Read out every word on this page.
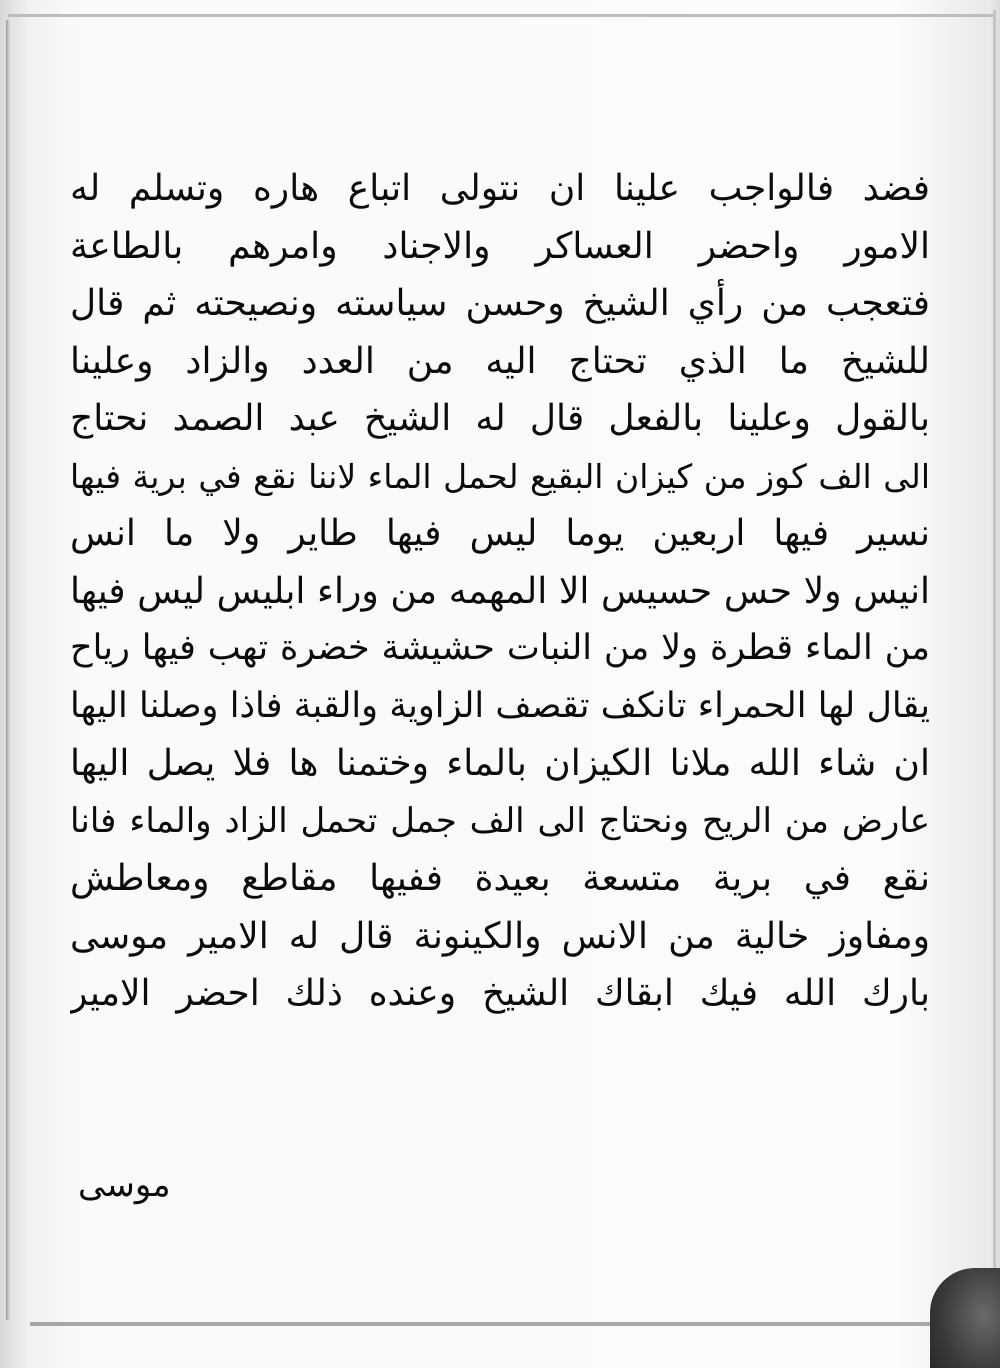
فضد فالواجب علينا ان نتولى اتباع هاره وتسلم له
الامور واحضر العساكر والاجناد وامرهم بالطاعة
فتعجب من رأي الشيخ وحسن سياسته ونصيحته ثم قال
للشيخ ما الذي تحتاج اليه من العدد والزاد وعلينا
بالقول وعلينا بالفعل قال له الشيخ عبد الصمد نحتاج
الى الف كوز من كيزان البقيع لحمل الماء لاننا نقع في برية فيها
نسير فيها اربعين يوما ليس فيها طاير ولا ما انس
انيس ولا حس حسيس الا المهمه من وراء ابليس ليس فيها
من الماء قطرة ولا من النبات حشيشة خضرة تهب فيها رياح
يقال لها الحمراء تانكف تقصف الزاوية والقبة فاذا وصلنا اليها
ان شاء الله ملانا الكيزان بالماء وختمنا ها فلا يصل اليها
عارض من الريح ونحتاج الى الف جمل تحمل الزاد والماء فانا
نقع في برية متسعة بعيدة ففيها مقاطع ومعاطش
ومفاوز خالية من الانس والكينونة قال له الامير موسى
بارك الله فيك ابقاك الشيخ وعنده ذلك احضر الامير
موسى
